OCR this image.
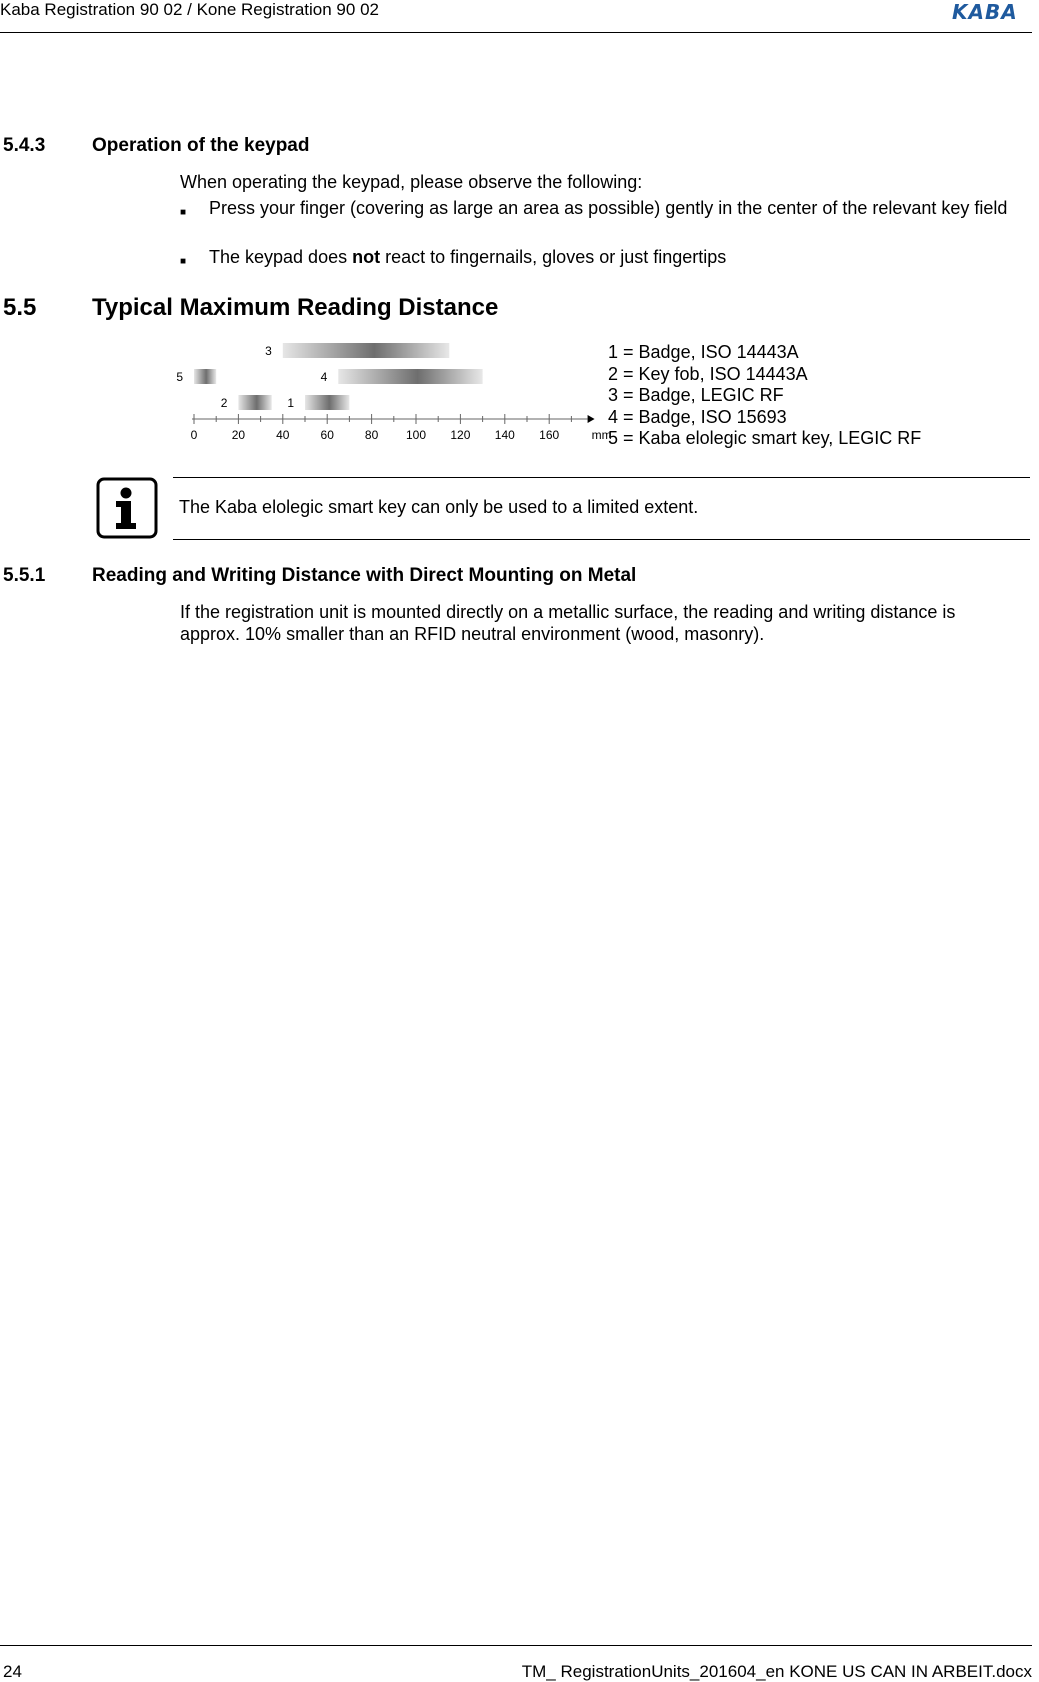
Kaba Registration 90 02 / Kone Registration 90 02	KABA
5.4.3 Operation of the keypad
When operating the keypad, please observe the following:
■ Press your finger (covering as large an area as possible) gently in the center of the relevant key field
■ The keypad does not react to fingernails, gloves or just fingertips
5.5 Typical Maximum Reading Distance
3
5	4
2	1
0	20	40	60	80 100 120 140 160	mm
1 = Badge, ISO 14443A
2 = Key fob, ISO 14443A
3 = Badge, LEGIC RF
4 = Badge, ISO 15693
5 = Kaba elolegic smart key, LEGIC RF
The Kaba elolegic smart key can only be used to a limited extent.
5.5.1 Reading and Writing Distance with Direct Mounting on Metal
If the registration unit is mounted directly on a metallic surface, the reading and writing distance is approx. 10% smaller than an RFID neutral environment (wood, masonry).
24	TM_ RegistrationUnits_201604_en KONE US CAN IN ARBEIT.docx
